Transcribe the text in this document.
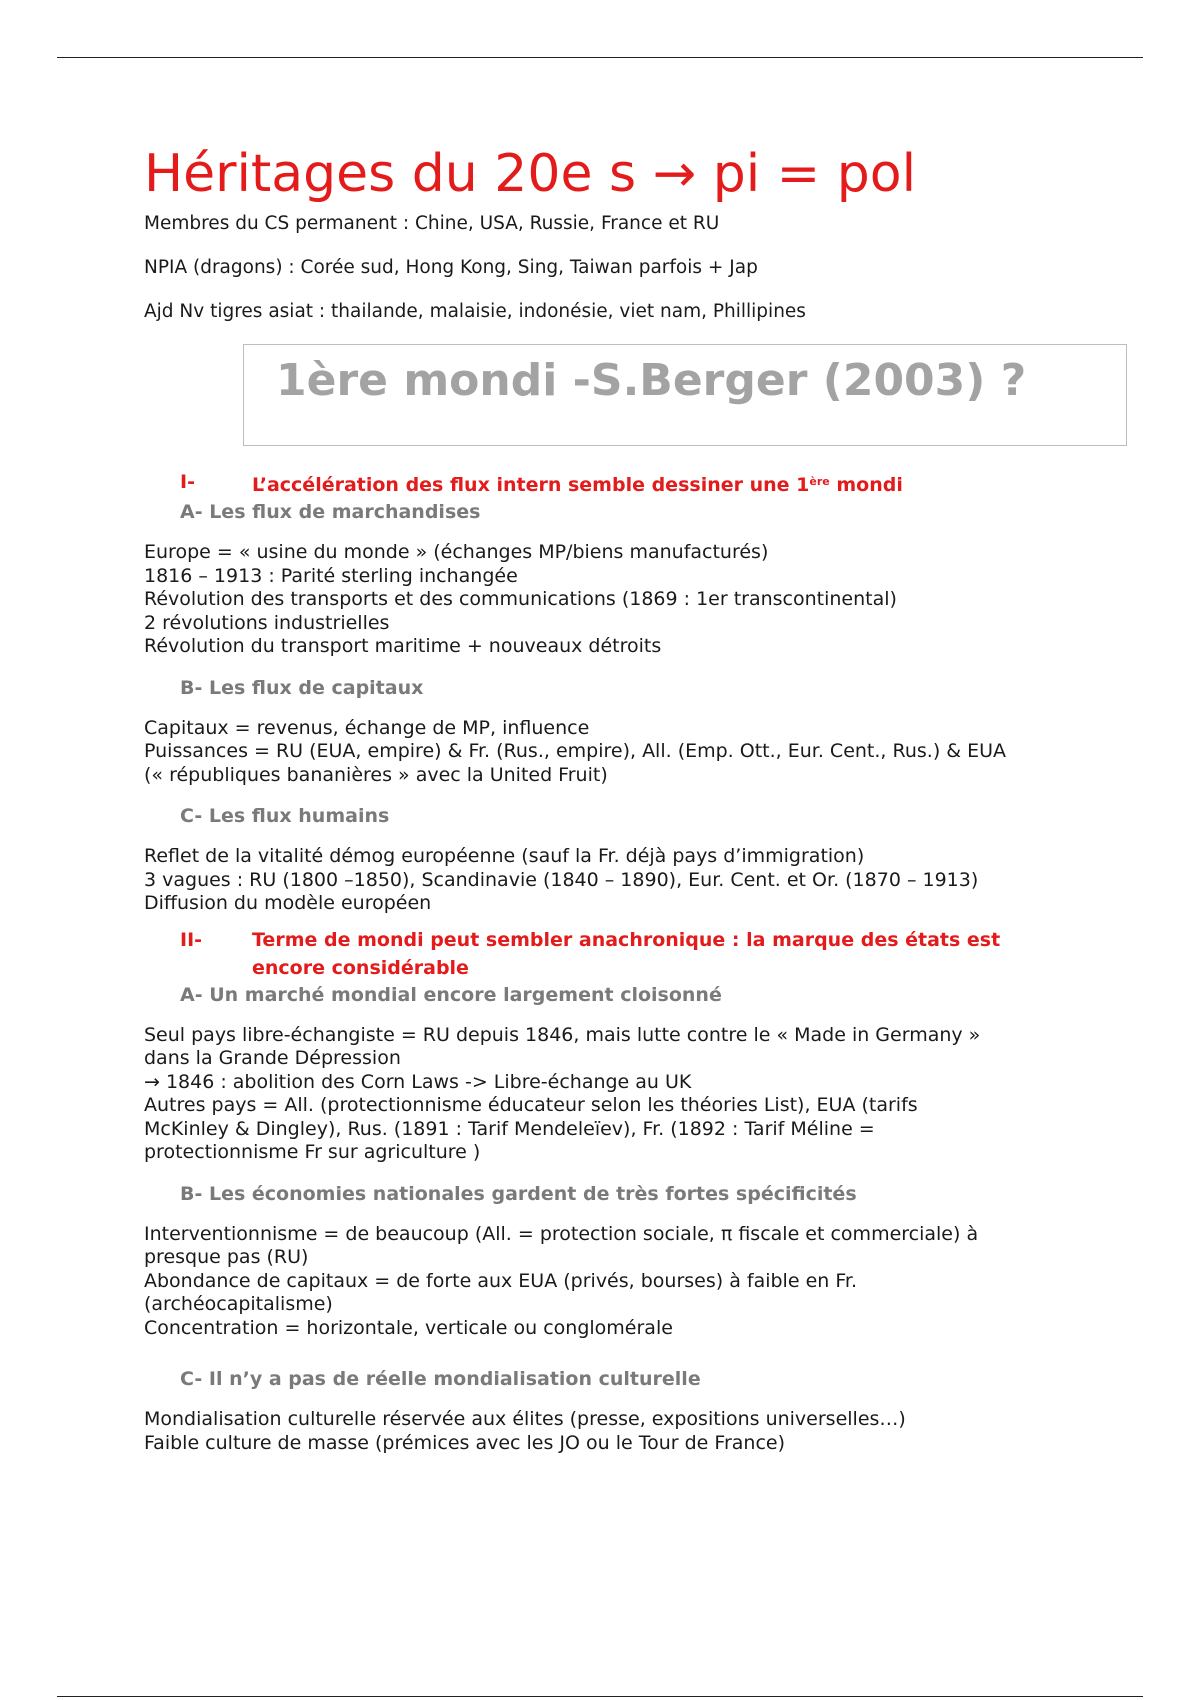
Héritages du 20e s → pi = pol

Membres du CS permanent : Chine, USA, Russie, France et RU

NPIA (dragons) : Corée sud, Hong Kong, Sing, Taiwan parfois + Jap

Ajd Nv tigres asiat : thailande, malaisie, indonésie, viet nam, Phillipines

1ère mondi -S.Berger (2003) ?
I-	L’accélération des flux intern semble dessiner une 1ère mondi
A- Les flux de marchandises
Europe = « usine du monde » (échanges MP/biens manufacturés)
1816 – 1913 : Parité sterling inchangée
Révolution des transports et des communications (1869 : 1er transcontinental)
2 révolutions industrielles
Révolution du transport maritime + nouveaux détroits
B- Les flux de capitaux
Capitaux = revenus, échange de MP, influence
Puissances = RU (EUA, empire) & Fr. (Rus., empire), All. (Emp. Ott., Eur. Cent., Rus.) & EUA
(« républiques bananières » avec la United Fruit)
C- Les flux humains
Reflet de la vitalité démog européenne (sauf la Fr. déjà pays d’immigration)
3 vagues : RU (1800 –1850), Scandinavie (1840 – 1890), Eur. Cent. et Or. (1870 – 1913)
Diffusion du modèle européen
II-	Terme de mondi peut sembler anachronique : la marque des états est
encore considérable
A- Un marché mondial encore largement cloisonné
Seul pays libre-échangiste = RU depuis 1846, mais lutte contre le « Made in Germany »
dans la Grande Dépression
→ 1846 : abolition des Corn Laws -> Libre-échange au UK
Autres pays = All. (protectionnisme éducateur selon les théories List), EUA (tarifs
McKinley & Dingley), Rus. (1891 : Tarif Mendeleïev), Fr. (1892 : Tarif Méline =
protectionnisme Fr sur agriculture )
B- Les économies nationales gardent de très fortes spécificités
Interventionnisme = de beaucoup (All. = protection sociale, π fiscale et commerciale) à
presque pas (RU)
Abondance de capitaux = de forte aux EUA (privés, bourses) à faible en Fr.
(archéocapitalisme)
Concentration = horizontale, verticale ou conglomérale
C- Il n’y a pas de réelle mondialisation culturelle
Mondialisation culturelle réservée aux élites (presse, expositions universelles…)
Faible culture de masse (prémices avec les JO ou le Tour de France)
